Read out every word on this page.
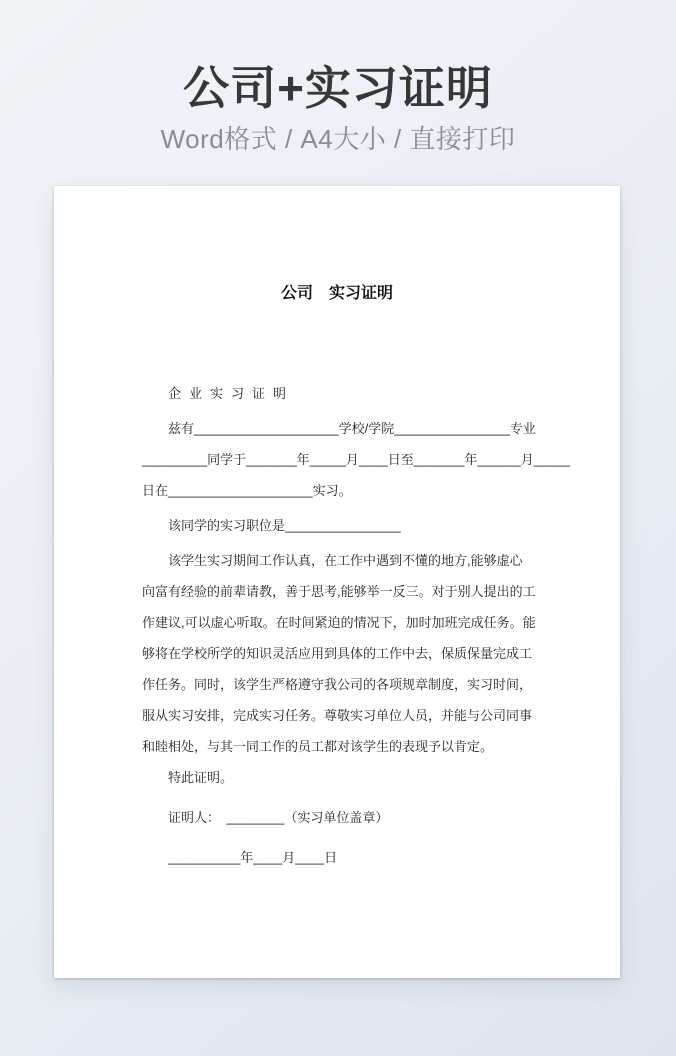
公司+实习证明

Word格式 / A4大小 / 直接打印

公司　实习证明
企业实习证明
兹有____________________学校/学院________________专业
_________同学于_______年_____月____日至_______年______月_____
日在____________________实习。
该同学的实习职位是________________
该学生实习期间工作认真，在工作中遇到不懂的地方,能够虚心
向富有经验的前辈请教，善于思考,能够举一反三。对于别人提出的工
作建议,可以虚心听取。在时间紧迫的情况下，加时加班完成任务。能
够将在学校所学的知识灵活应用到具体的工作中去，保质保量完成工
作任务。同时，该学生严格遵守我公司的各项规章制度，实习时间，
服从实习安排，完成实习任务。尊敬实习单位人员，并能与公司同事
和睦相处，与其一同工作的员工都对该学生的表现予以肯定。
特此证明。
证明人：　________（实习单位盖章）
__________年____月____日
